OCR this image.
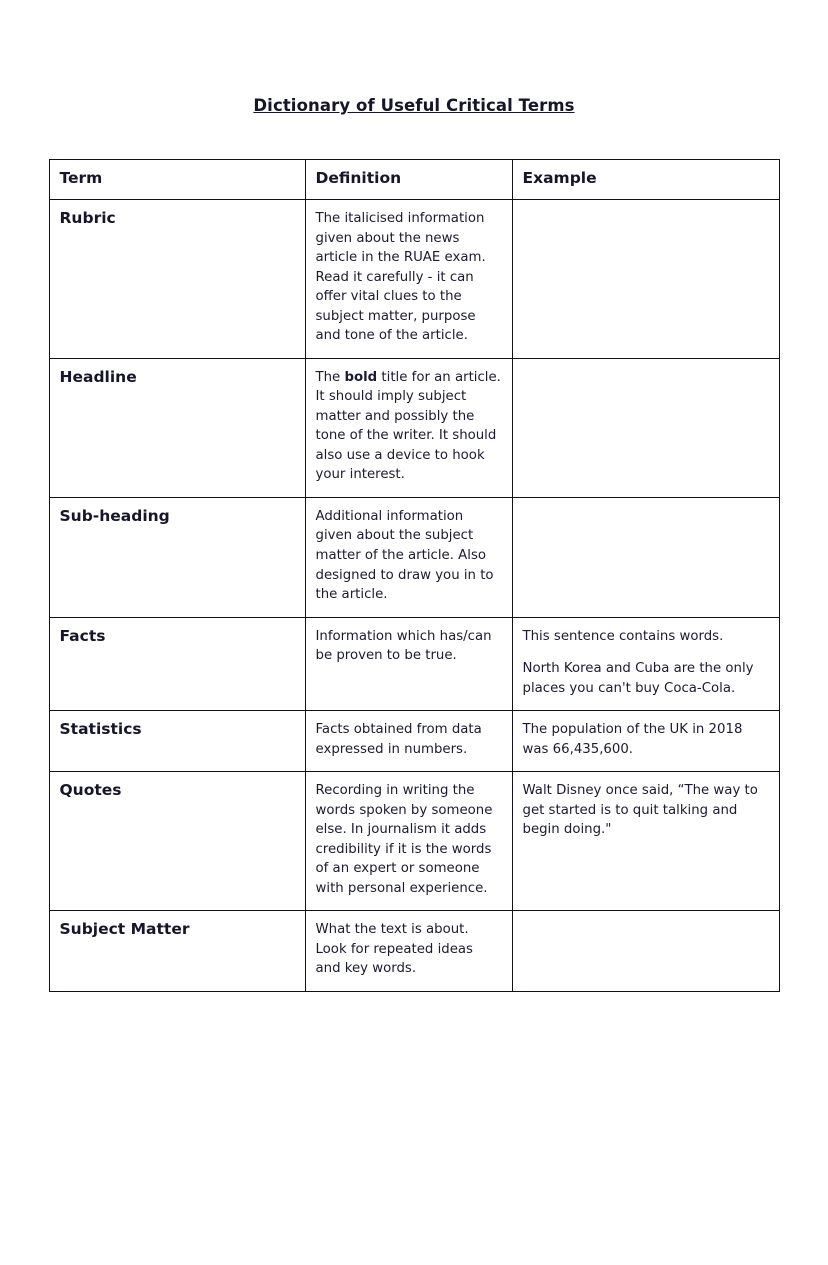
Dictionary of Useful Critical Terms
Term	Definition	Example
Rubric	The italicised information given about the news article in the RUAE exam. Read it carefully - it can offer vital clues to the subject matter, purpose and tone of the article.	
Headline	The bold title for an article. It should imply subject matter and possibly the tone of the writer. It should also use a device to hook your interest.	
Sub-heading	Additional information given about the subject matter of the article. Also designed to draw you in to the article.	
Facts	Information which has/can be proven to be true.	This sentence contains words.

North Korea and Cuba are the only places you can't buy Coca-Cola.

Statistics	Facts obtained from data expressed in numbers.	The population of the UK in 2018 was 66,435,600.
Quotes	Recording in writing the words spoken by someone else. In journalism it adds credibility if it is the words of an expert or someone with personal experience.	Walt Disney once said, “The way to get started is to quit talking and begin doing."
Subject Matter	What the text is about. Look for repeated ideas and key words.	
